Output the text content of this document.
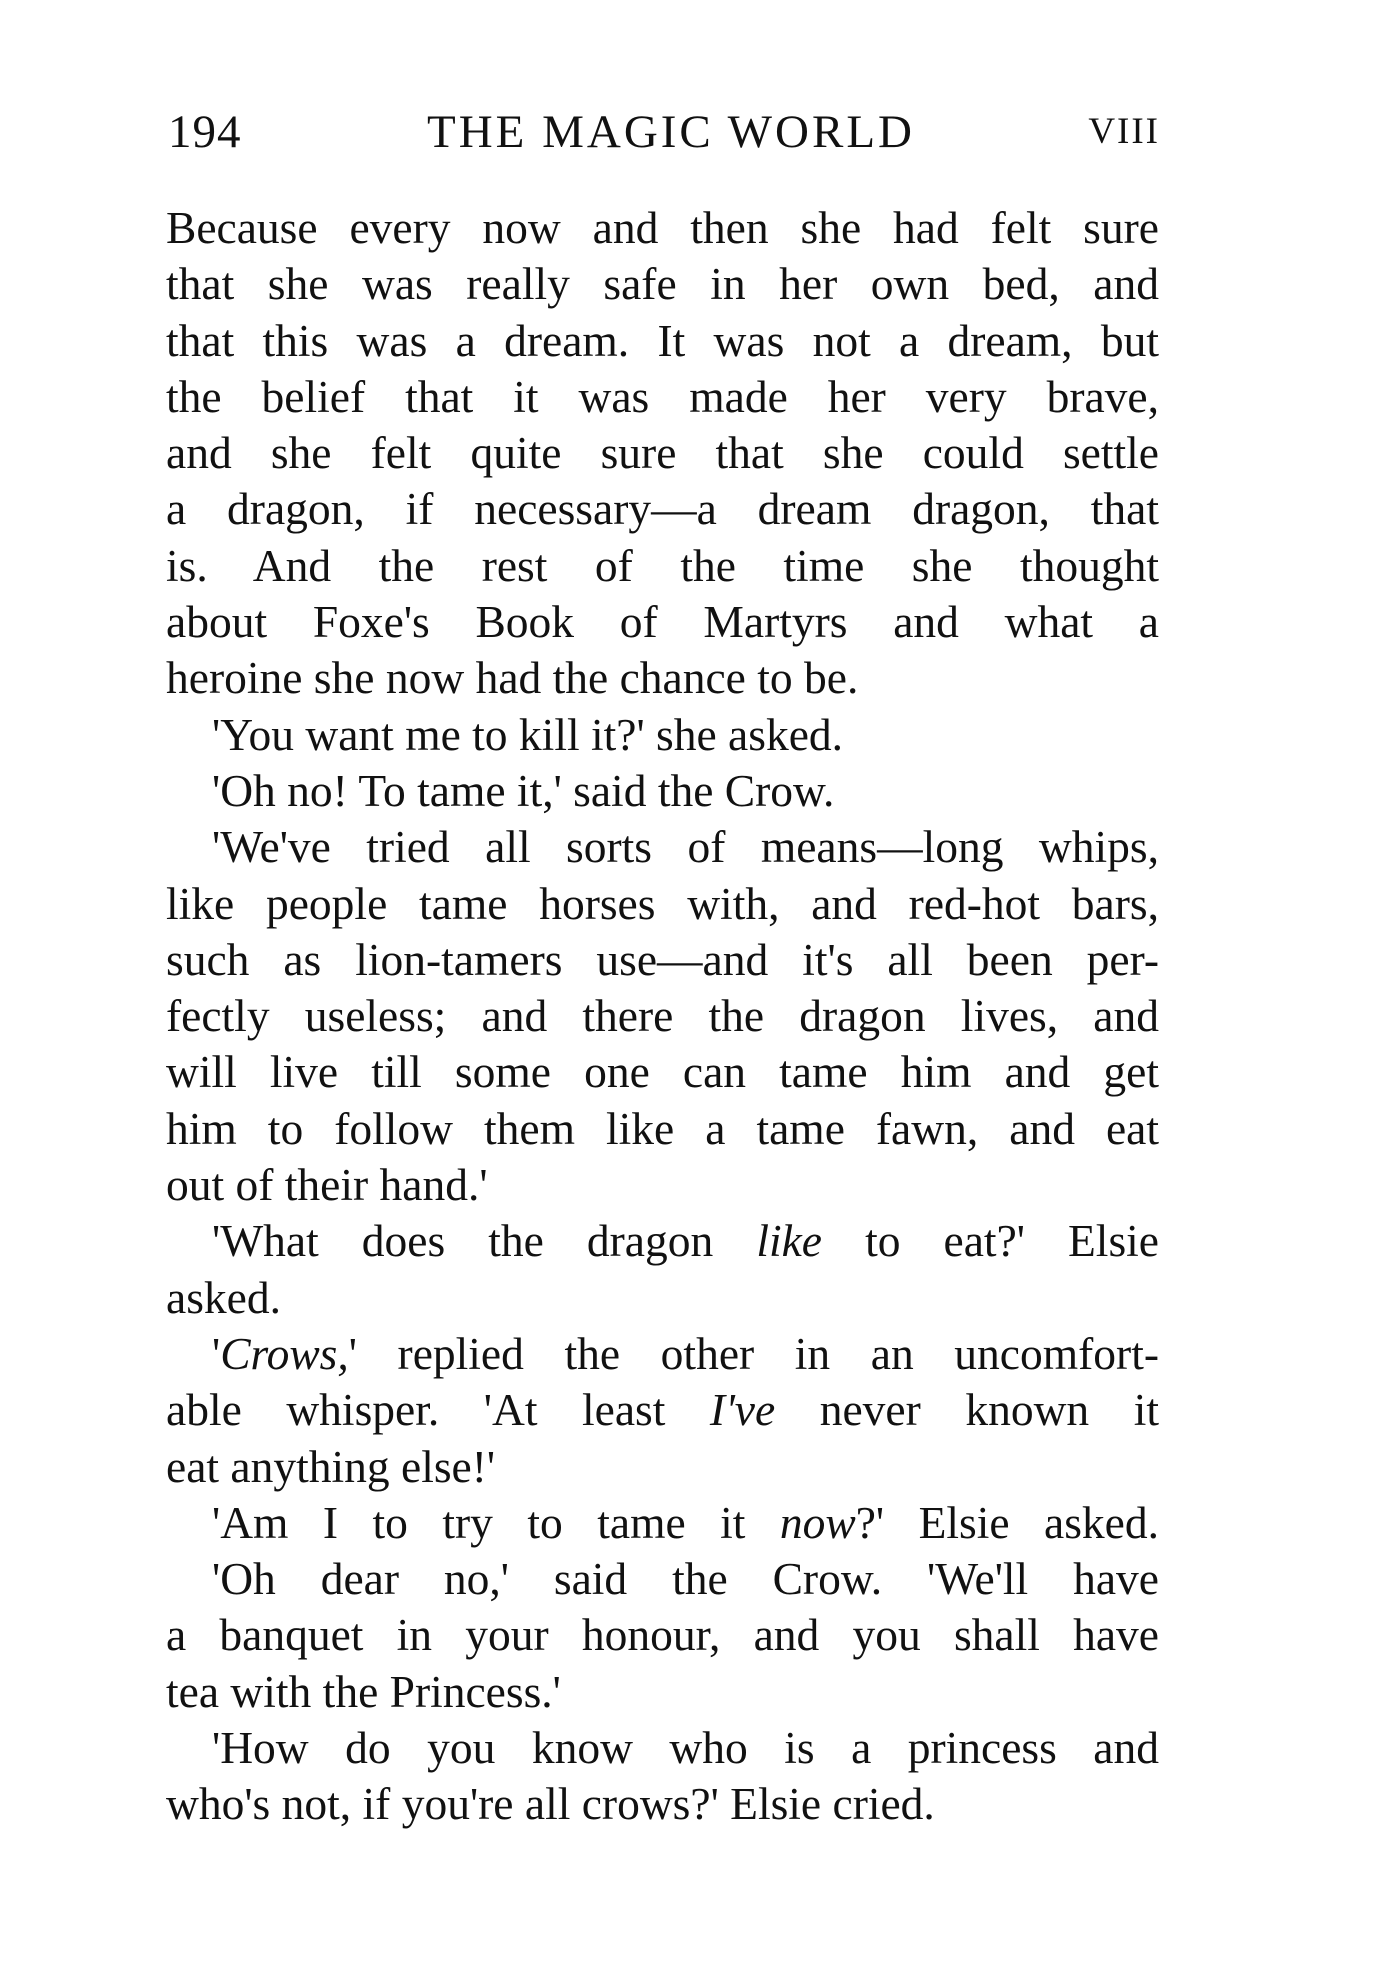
194	THE MAGIC WORLD	VIII
Because every now and then she had felt sure
that she was really safe in her own bed, and
that this was a dream. It was not a dream, but
the belief that it was made her very brave,
and she felt quite sure that she could settle
a dragon, if necessary—a dream dragon, that
is. And the rest of the time she thought
about Foxe's Book of Martyrs and what a
heroine she now had the chance to be.
'You want me to kill it?' she asked.
'Oh no! To tame it,' said the Crow.
'We've tried all sorts of means—long whips,
like people tame horses with, and red-hot bars,
such as lion-tamers use—and it's all been per-
fectly useless; and there the dragon lives, and
will live till some one can tame him and get
him to follow them like a tame fawn, and eat
out of their hand.'
'What does the dragon like to eat?' Elsie
asked.
'Crows,' replied the other in an uncomfort-
able whisper. 'At least I've never known it
eat anything else!'
'Am I to try to tame it now?' Elsie asked.
'Oh dear no,' said the Crow. 'We'll have
a banquet in your honour, and you shall have
tea with the Princess.'
'How do you know who is a princess and
who's not, if you're all crows?' Elsie cried.
